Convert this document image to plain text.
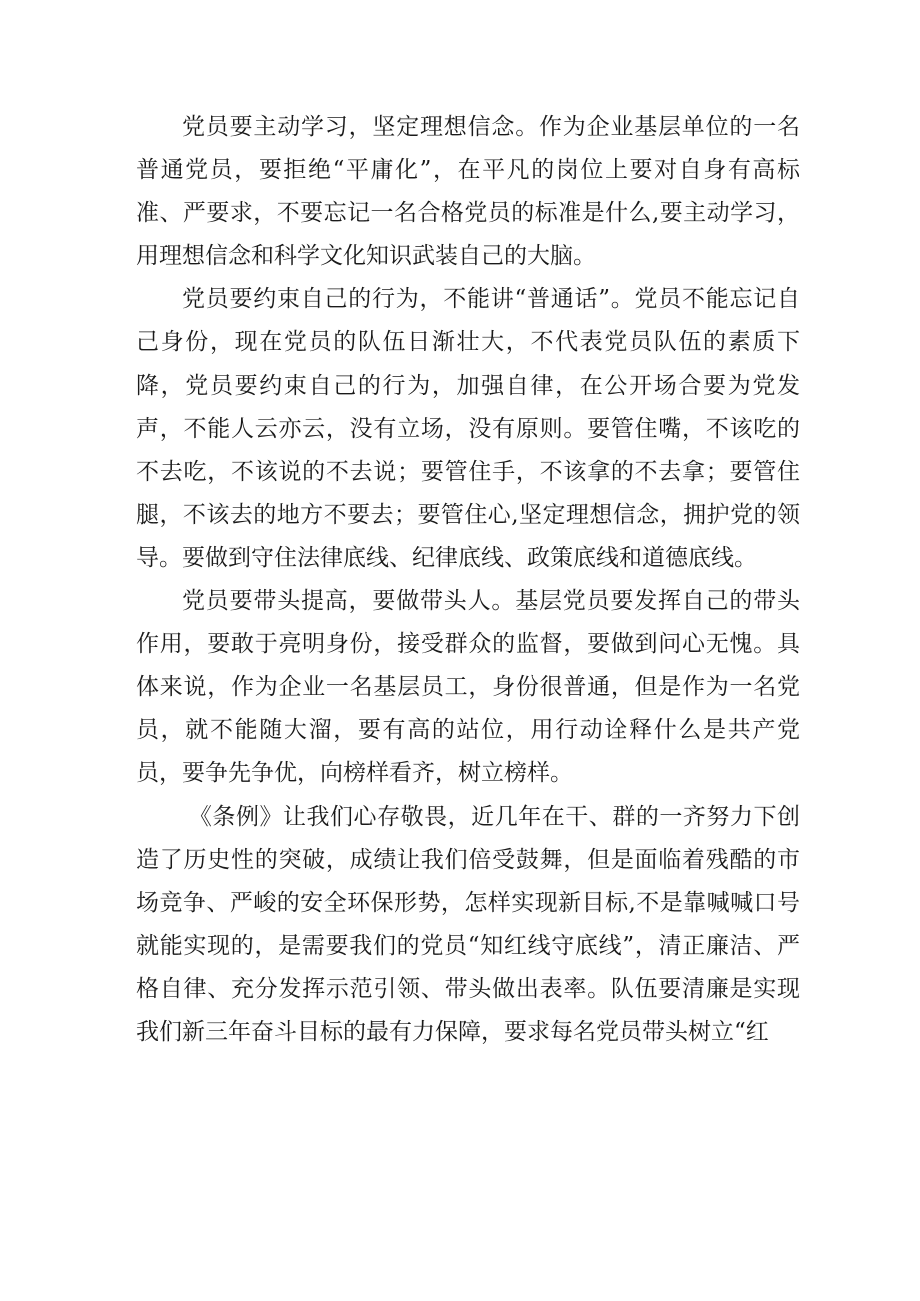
党员要主动学习，坚定理想信念。作为企业基层单位的一名普通党员，要拒绝“平庸化”，在平凡的岗位上要对自身有高标准、严要求，不要忘记一名合格党员的标准是什么,要主动学习，用理想信念和科学文化知识武装自己的大脑。

党员要约束自己的行为，不能讲“普通话”。党员不能忘记自己身份，现在党员的队伍日渐壮大，不代表党员队伍的素质下降，党员要约束自己的行为，加强自律，在公开场合要为党发声，不能人云亦云，没有立场，没有原则。要管住嘴，不该吃的不去吃，不该说的不去说；要管住手，不该拿的不去拿；要管住腿，不该去的地方不要去；要管住心,坚定理想信念，拥护党的领导。要做到守住法律底线、纪律底线、政策底线和道德底线。

党员要带头提高，要做带头人。基层党员要发挥自己的带头作用，要敢于亮明身份，接受群众的监督，要做到问心无愧。具体来说，作为企业一名基层员工，身份很普通，但是作为一名党员，就不能随大溜，要有高的站位，用行动诠释什么是共产党员，要争先争优，向榜样看齐，树立榜样。

《条例》让我们心存敬畏，近几年在干、群的一齐努力下创造了历史性的突破，成绩让我们倍受鼓舞，但是面临着残酷的市场竞争、严峻的安全环保形势，怎样实现新目标,不是靠喊喊口号就能实现的，是需要我们的党员“知红线守底线”，清正廉洁、严格自律、充分发挥示范引领、带头做出表率。队伍要清廉是实现我们新三年奋斗目标的最有力保障，要求每名党员带头树立“红
